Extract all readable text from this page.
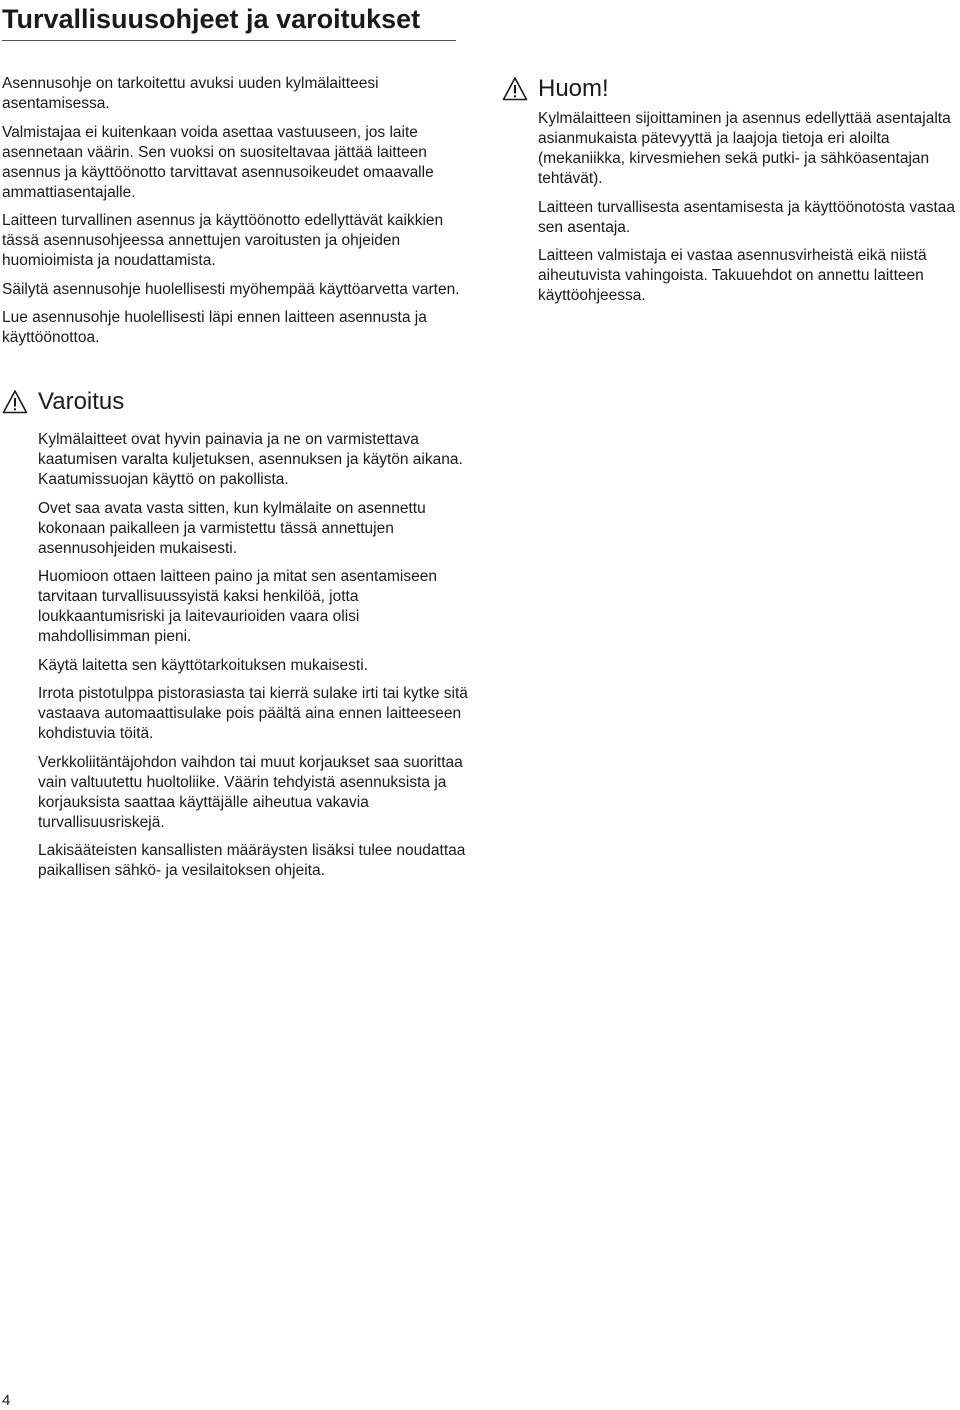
Turvallisuusohjeet ja varoitukset

Asennusohje on tarkoitettu avuksi uuden kylmälaitteesi asentamisessa.

Valmistajaa ei kuitenkaan voida asettaa vastuuseen, jos laite asennetaan väärin. Sen vuoksi on suositeltavaa jättää laitteen asennus ja käyttöönotto tarvittavat asennusoikeudet omaavalle ammattiasentajalle.

Laitteen turvallinen asennus ja käyttöönotto edellyttävät kaikkien tässä asennusohjeessa annettujen varoitusten ja ohjeiden huomioimista ja noudattamista.

Säilytä asennusohje huolellisesti myöhempää käyttöarvetta varten.

Lue asennusohje huolellisesti läpi ennen laitteen asennusta ja käyttöönottoa.

Varoitus

Kylmälaitteet ovat hyvin painavia ja ne on varmistettava kaatumisen varalta kuljetuksen, asennuksen ja käytön aikana. Kaatumissuojan käyttö on pakollista.

Ovet saa avata vasta sitten, kun kylmälaite on asennettu kokonaan paikalleen ja varmistettu tässä annettujen asennusohjeiden mukaisesti.

Huomioon ottaen laitteen paino ja mitat sen asentamiseen tarvitaan turvallisuussyistä kaksi henkilöä, jotta loukkaantumisriski ja laitevaurioiden vaara olisi mahdollisimman pieni.

Käytä laitetta sen käyttötarkoituksen mukaisesti.

Irrota pistotulppa pistorasiasta tai kierrä sulake irti tai kytke sitä vastaava automaattisulake pois päältä aina ennen laitteeseen kohdistuvia töitä.

Verkkoliitäntäjohdon vaihdon tai muut korjaukset saa suorittaa vain valtuutettu huoltoliike. Väärin tehdyistä asennuksista ja korjauksista saattaa käyttäjälle aiheutua vakavia turvallisuusriskejä.

Lakisääteisten kansallisten määräysten lisäksi tulee noudattaa paikallisen sähkö- ja vesilaitoksen ohjeita.

Huom!

Kylmälaitteen sijoittaminen ja asennus edellyttää asentajalta asianmukaista pätevyyttä ja laajoja tietoja eri aloilta (mekaniikka, kirvesmiehen sekä putki- ja sähköasentajan tehtävät).

Laitteen turvallisesta asentamisesta ja käyttöönotosta vastaa sen asentaja.

Laitteen valmistaja ei vastaa asennusvirheistä eikä niistä aiheutuvista vahingoista. Takuuehdot on annettu laitteen käyttöohjeessa.

4
